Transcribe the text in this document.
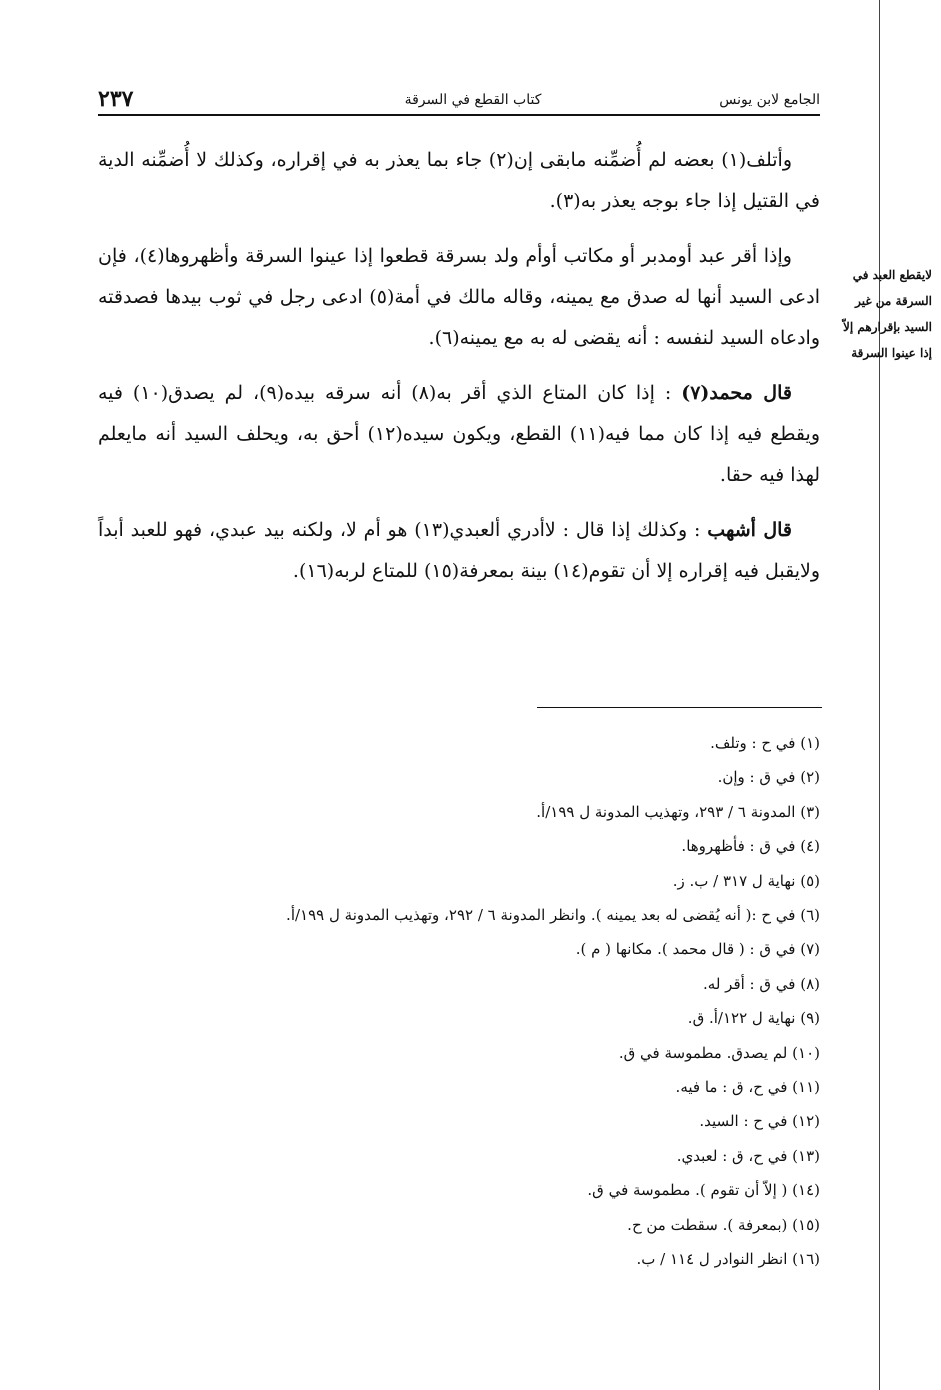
الجامع لابن يونس
كتاب القطع في السرقة
٢٣٧
لايقطع العبد في
السرقة من غير
السيد بإقرارهم إلاّ
إذا عينوا السرقة

وأتلف(١) بعضه لم أُضمِّنه مابقى إن(٢) جاء بما يعذر به في إقراره، وكذلك لا أُضمِّنه الدية في القتيل إذا جاء بوجه يعذر به(٣).

وإذا أقر عبد أومدبر أو مكاتب أوأم ولد بسرقة قطعوا إذا عينوا السرقة وأظهروها(٤)، فإن ادعى السيد أنها له صدق مع يمينه، وقاله مالك في أمة(٥) ادعى رجل في ثوب بيدها فصدقته وادعاه السيد لنفسه : أنه يقضى له به مع يمينه(٦).

قال محمد(٧) : إذا كان المتاع الذي أقر به(٨) أنه سرقه بيده(٩)، لم يصدق(١٠) فيه ويقطع فيه إذا كان مما فيه(١١) القطع، ويكون سيده(١٢) أحق به، ويحلف السيد أنه مايعلم لهذا فيه حقا.

قال أشهب : وكذلك إذا قال : لاأدري ألعبدي(١٣) هو أم لا، ولكنه بيد عبدي، فهو للعبد أبداً ولايقبل فيه إقراره إلا أن تقوم(١٤) بينة بمعرفة(١٥) للمتاع لربه(١٦).

(١) في ح : وتلف.
(٢) في ق : وإن.
(٣) المدونة ٦ / ٢٩٣، وتهذيب المدونة ل ١٩٩/أ.
(٤) في ق : فأظهروها.
(٥) نهاية ل ٣١٧ / ب. ز.
(٦) في ح :( أنه يُقضى له بعد يمينه ). وانظر المدونة ٦ / ٢٩٢، وتهذيب المدونة ل ١٩٩/أ.
(٧) في ق : ( قال محمد ). مكانها ( م ).
(٨) في ق : أقر له.
(٩) نهاية ل ١٢٢/أ. ق.
(١٠) لم يصدق. مطموسة في ق.
(١١) في ح، ق : ما فيه.
(١٢) في ح : السيد.
(١٣) في ح، ق : لعبدي.
(١٤) ( إلاّ أن تقوم ). مطموسة في ق.
(١٥) (بمعرفة ). سقطت من ح.
(١٦) انظر النوادر ل ١١٤ / ب.
